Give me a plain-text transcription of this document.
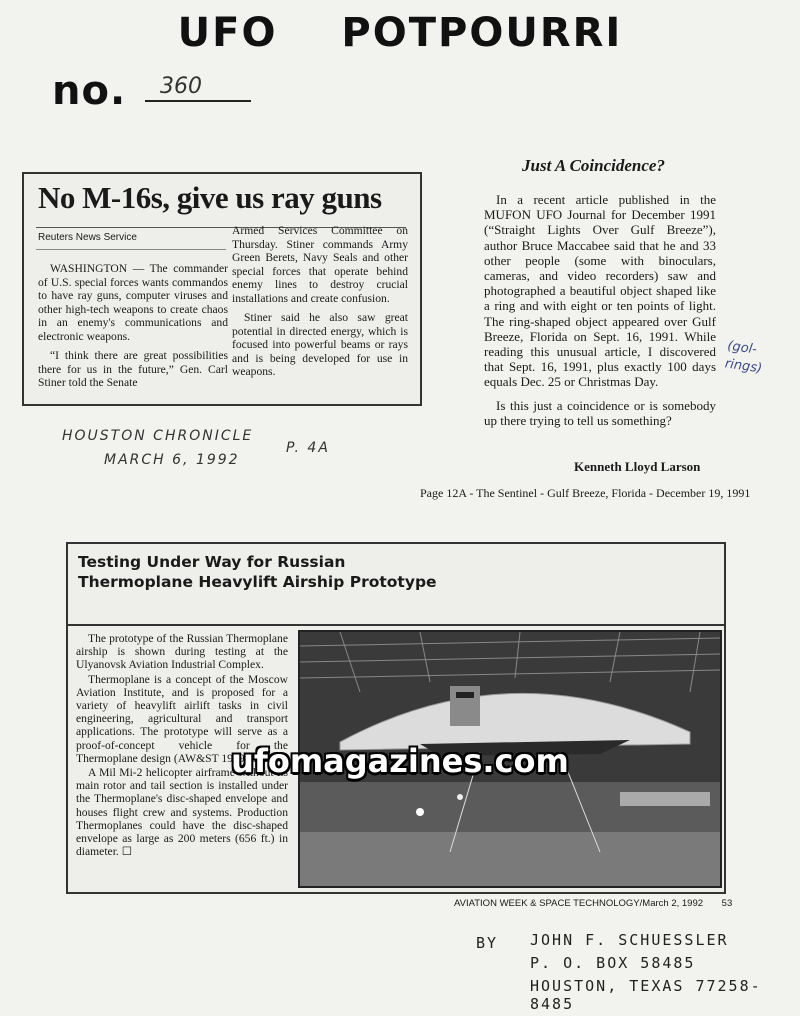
UFO POTPOURRI
no. 360
No M-16s, give us ray guns
Reuters News Service

WASHINGTON — The commander of U.S. special forces wants commandos to have ray guns, computer viruses and other high-tech weapons to create chaos in an enemy's communications and electronic weapons.

“I think there are great possibilities there for us in the future,” Gen. Carl Stiner told the Senate

Armed Services Committee on Thursday. Stiner commands Army Green Berets, Navy Seals and other special forces that operate behind enemy lines to destroy crucial installations and create confusion.

Stiner said he also saw great potential in directed energy, which is focused into powerful beams or rays and is being developed for use in weapons.

HOUSTON CHRONICLE
P. 4A
MARCH 6, 1992
Just A Coincidence?

In a recent article published in the MUFON UFO Journal for December 1991 (“Straight Lights Over Gulf Breeze”), author Bruce Maccabee said that he and 33 other people (some with binoculars, cameras, and video recorders) saw and photographed a beautiful object shaped like a ring and with eight or ten points of light. The ring-shaped object appeared over Gulf Breeze, Florida on Sept. 16, 1991. While reading this unusual article, I discovered that Sept. 16, 1991, plus exactly 100 days equals Dec. 25 or Christmas Day.

Is this just a coincidence or is somebody up there trying to tell us something?

Kenneth Lloyd Larson
Page 12A - The Sentinel - Gulf Breeze, Florida - December 19, 1991
(gol-
rings)
Testing Under Way for Russian
Thermoplane Heavylift Airship Prototype

The prototype of the Russian Thermoplane airship is shown during testing at the Ulyanovsk Aviation Industrial Complex.

Thermoplane is a concept of the Moscow Aviation Institute, and is proposed for a variety of heavylift airlift tasks in civil engineering, agricultural and transport applications. The prototype will serve as a proof-of-concept vehicle for the Thermoplane design (AW&ST 1989, p. 127).

A Mil Mi-2 helicopter airframe without its main rotor and tail section is installed under the Thermoplane's disc-shaped envelope and houses flight crew and systems. Production Thermoplanes could have the disc-shaped envelope as large as 200 meters (656 ft.) in diameter. ☐

AVIATION WEEK & SPACE TECHNOLOGY/March 2, 1992 53
ufomagazines.com
BY JOHN F. SCHUESSLER
P. O. BOX 58485
HOUSTON, TEXAS 77258-8485
